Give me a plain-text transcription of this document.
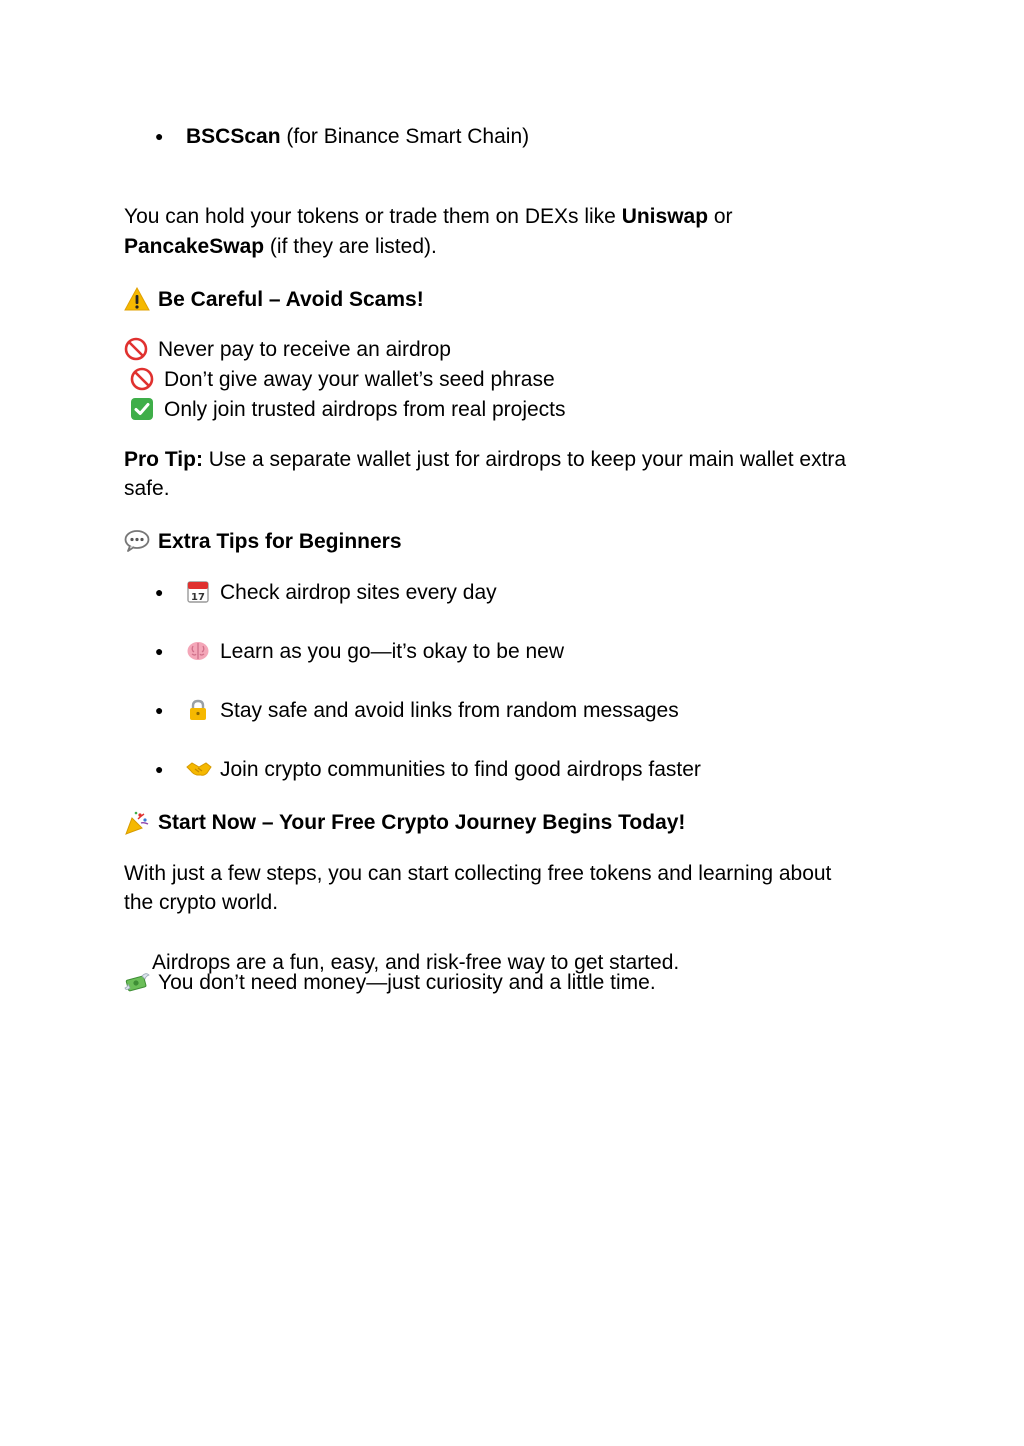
● BSCScan (for Binance Smart Chain)
You can hold your tokens or trade them on DEXs like Uniswap or
PancakeSwap (if they are listed).
Be Careful – Avoid Scams!
Never pay to receive an airdrop
Don’t give away your wallet’s seed phrase
Only join trusted airdrops from real projects
Pro Tip: Use a separate wallet just for airdrops to keep your main wallet extra
safe.
Extra Tips for Beginners
●	17 Check airdrop sites every day
●	Learn as you go—it’s okay to be new
●	Stay safe and avoid links from random messages
●	Join crypto communities to find good airdrops faster
Start Now – Your Free Crypto Journey Begins Today!
With just a few steps, you can start collecting free tokens and learning about
the crypto world.

Airdrops are a fun, easy, and risk-free way to get started.

You don’t need money—just curiosity and a little time.
